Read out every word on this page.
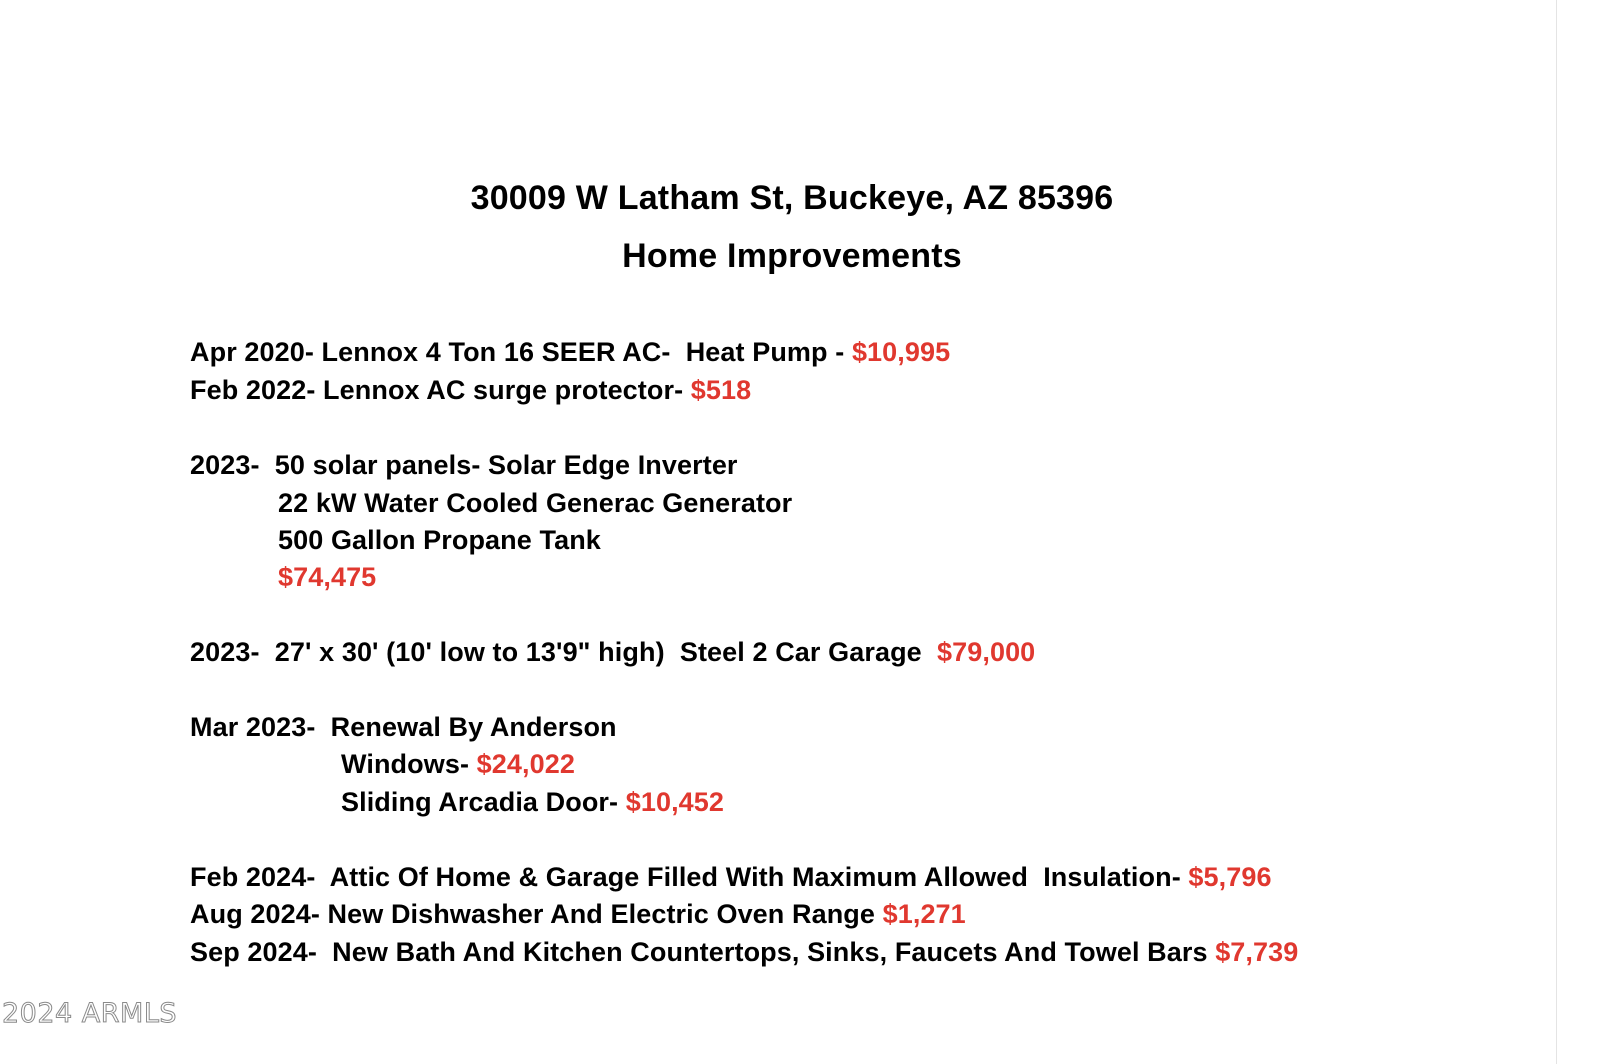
30009 W Latham St, Buckeye, AZ 85396
Home Improvements
Apr 2020- Lennox 4 Ton 16 SEER AC-  Heat Pump - $10,995
Feb 2022- Lennox AC surge protector- $518
2023-  50 solar panels- Solar Edge Inverter
22 kW Water Cooled Generac Generator
500 Gallon Propane Tank
$74,475
2023-  27' x 30' (10' low to 13'9" high)  Steel 2 Car Garage  $79,000
Mar 2023-  Renewal By Anderson
Windows- $24,022
Sliding Arcadia Door- $10,452
Feb 2024-  Attic Of Home & Garage Filled With Maximum Allowed  Insulation- $5,796
Aug 2024- New Dishwasher And Electric Oven Range $1,271
Sep 2024-  New Bath And Kitchen Countertops, Sinks, Faucets And Towel Bars $7,739
2024 ARMLS
